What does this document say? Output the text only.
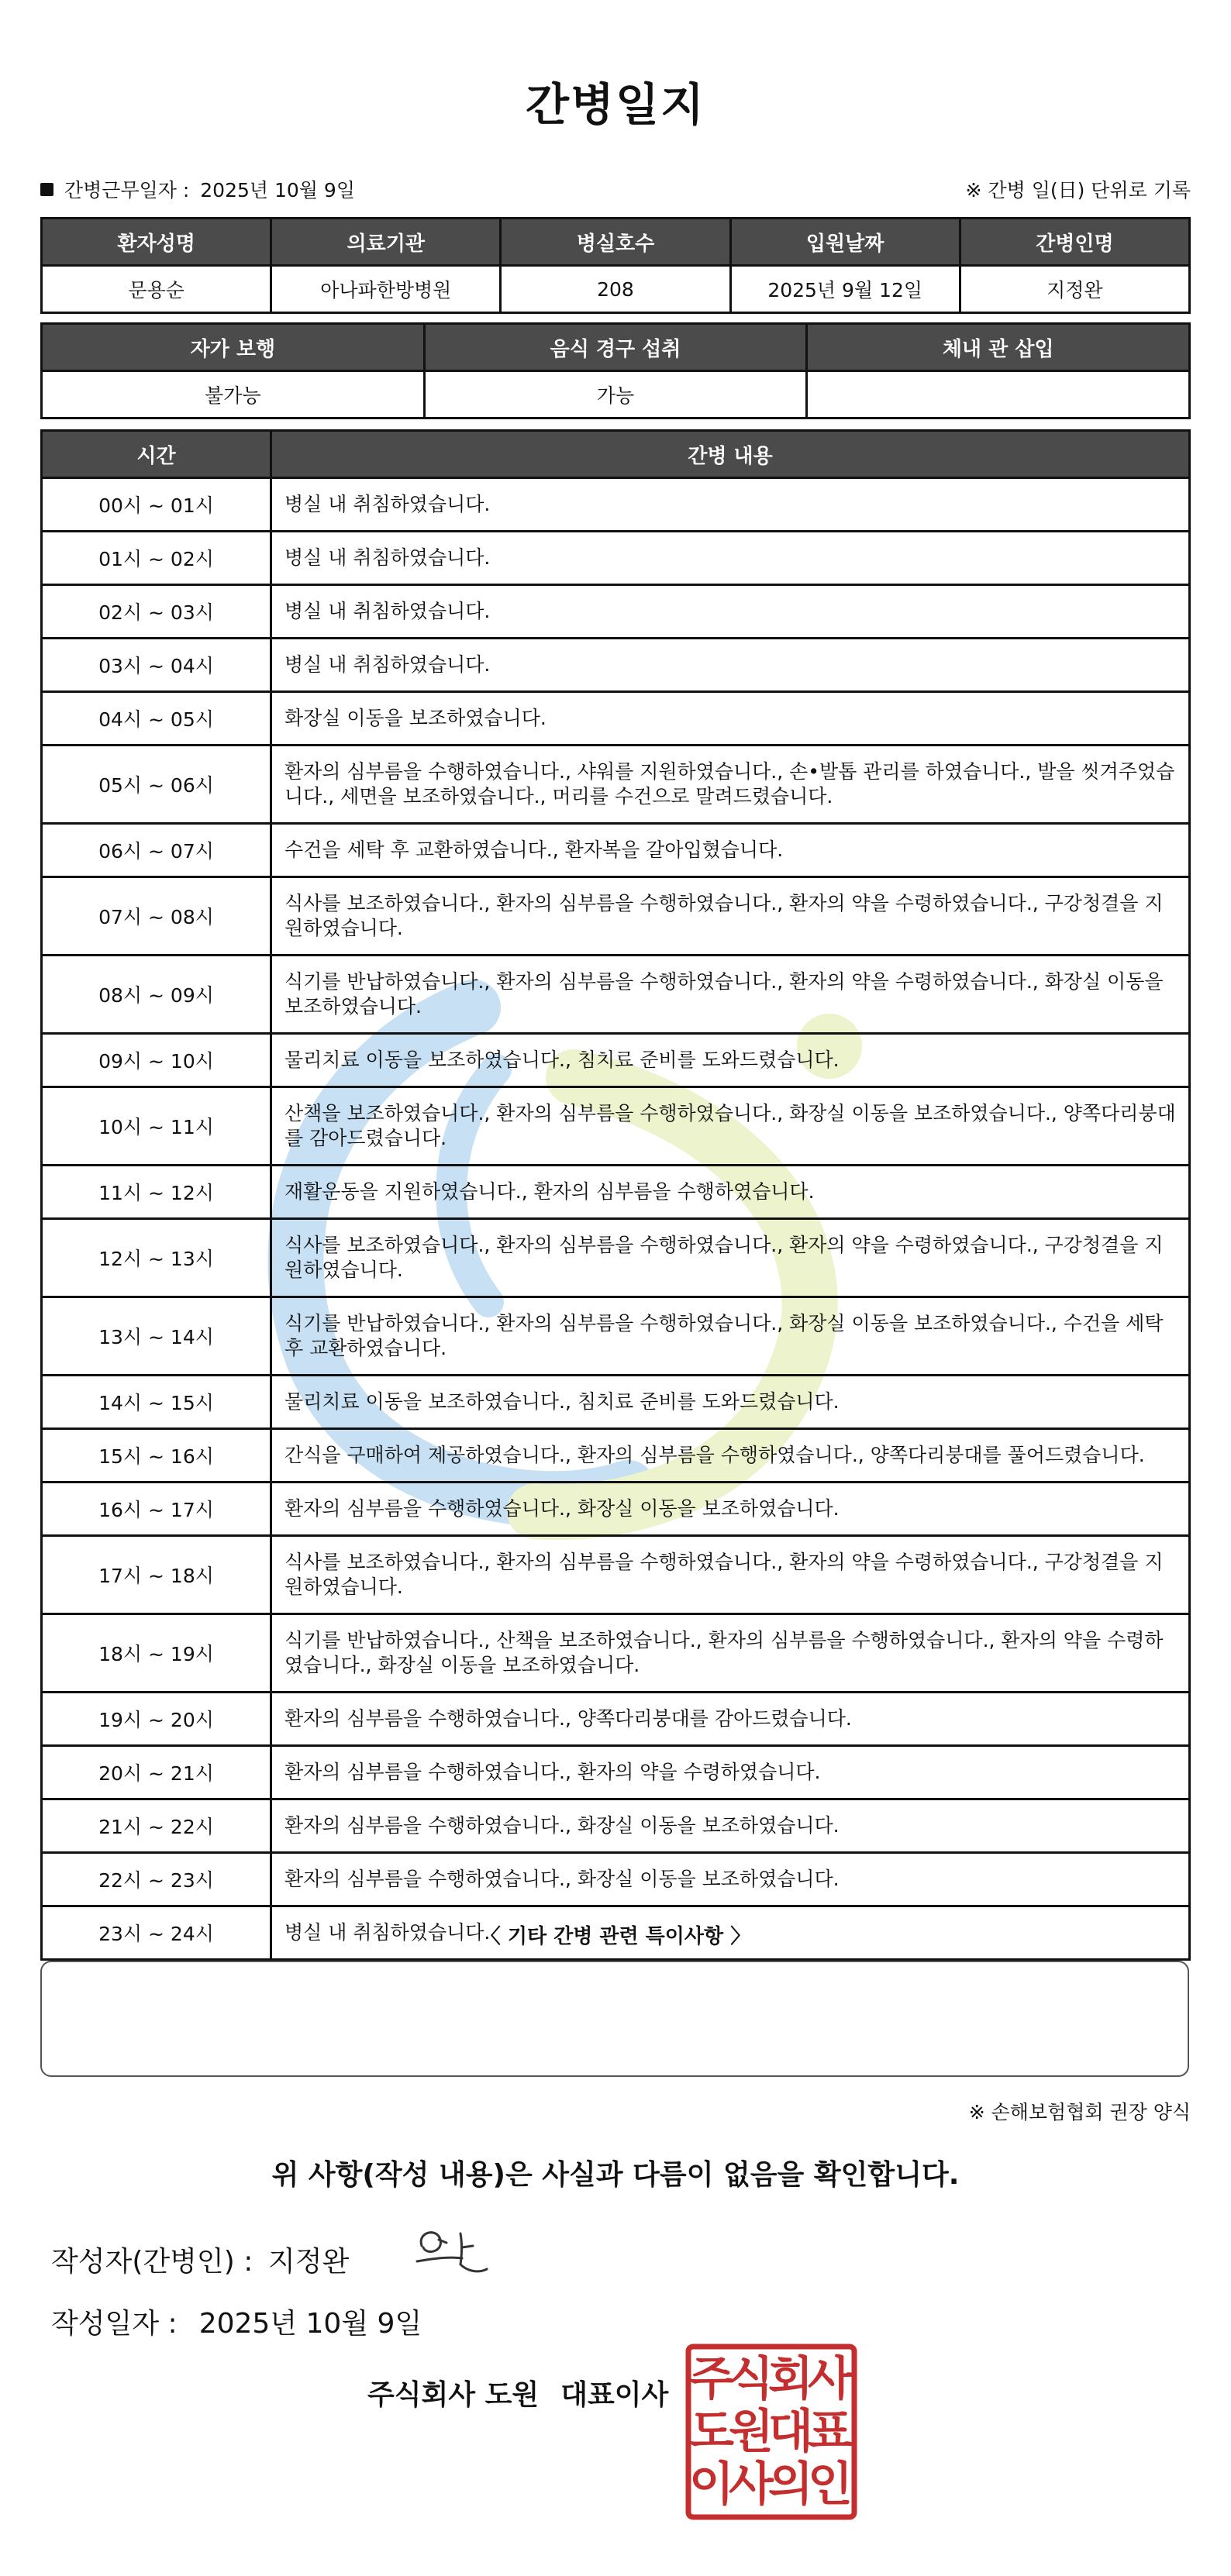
간병일지
간병근무일자 : 2025년 10월 9일	※ 간병 일(日) 단위로 기록
환자성명	의료기관	병실호수	입원날짜	간병인명
문용순	아나파한방병원	208	2025년 9월 12일	지정완
자가 보행	음식 경구 섭취	체내 관 삽입
불가능	가능	
시간	간병 내용
00시 ~ 01시	병실 내 취침하였습니다.
01시 ~ 02시	병실 내 취침하였습니다.
02시 ~ 03시	병실 내 취침하였습니다.
03시 ~ 04시	병실 내 취침하였습니다.
04시 ~ 05시	화장실 이동을 보조하였습니다.
05시 ~ 06시	환자의 심부름을 수행하였습니다., 샤워를 지원하였습니다., 손•발톱 관리를 하였습니다., 발을 씻겨주었습니다., 세면을 보조하였습니다., 머리를 수건으로 말려드렸습니다.
06시 ~ 07시	수건을 세탁 후 교환하였습니다., 환자복을 갈아입혔습니다.
07시 ~ 08시	식사를 보조하였습니다., 환자의 심부름을 수행하였습니다., 환자의 약을 수령하였습니다., 구강청결을 지원하였습니다.
08시 ~ 09시	식기를 반납하였습니다., 환자의 심부름을 수행하였습니다., 환자의 약을 수령하였습니다., 화장실 이동을 보조하였습니다.
09시 ~ 10시	물리치료 이동을 보조하였습니다., 침치료 준비를 도와드렸습니다.
10시 ~ 11시	산책을 보조하였습니다., 환자의 심부름을 수행하였습니다., 화장실 이동을 보조하였습니다., 양쪽다리붕대를 감아드렸습니다.
11시 ~ 12시	재활운동을 지원하였습니다., 환자의 심부름을 수행하였습니다.
12시 ~ 13시	식사를 보조하였습니다., 환자의 심부름을 수행하였습니다., 환자의 약을 수령하였습니다., 구강청결을 지원하였습니다.
13시 ~ 14시	식기를 반납하였습니다., 환자의 심부름을 수행하였습니다., 화장실 이동을 보조하였습니다., 수건을 세탁 후 교환하였습니다.
14시 ~ 15시	물리치료 이동을 보조하였습니다., 침치료 준비를 도와드렸습니다.
15시 ~ 16시	간식을 구매하여 제공하였습니다., 환자의 심부름을 수행하였습니다., 양쪽다리붕대를 풀어드렸습니다.
16시 ~ 17시	환자의 심부름을 수행하였습니다., 화장실 이동을 보조하였습니다.
17시 ~ 18시	식사를 보조하였습니다., 환자의 심부름을 수행하였습니다., 환자의 약을 수령하였습니다., 구강청결을 지원하였습니다.
18시 ~ 19시	식기를 반납하였습니다., 산책을 보조하였습니다., 환자의 심부름을 수행하였습니다., 환자의 약을 수령하였습니다., 화장실 이동을 보조하였습니다.
19시 ~ 20시	환자의 심부름을 수행하였습니다., 양쪽다리붕대를 감아드렸습니다.
20시 ~ 21시	환자의 심부름을 수행하였습니다., 환자의 약을 수령하였습니다.
21시 ~ 22시	환자의 심부름을 수행하였습니다., 화장실 이동을 보조하였습니다.
22시 ~ 23시	환자의 심부름을 수행하였습니다., 화장실 이동을 보조하였습니다.
23시 ~ 24시	병실 내 취침하였습니다.
〈 기타 간병 관련 특이사항 〉
※ 손해보험협회 권장 양식
위 사항(작성 내용)은 사실과 다름이 없음을 확인합니다.
작성자(간병인) : 지정완
작성일자 : 2025년 10월 9일
주식회사 도원 대표이사 주
식
회
사
도
원
대
표
이
사
의
인
